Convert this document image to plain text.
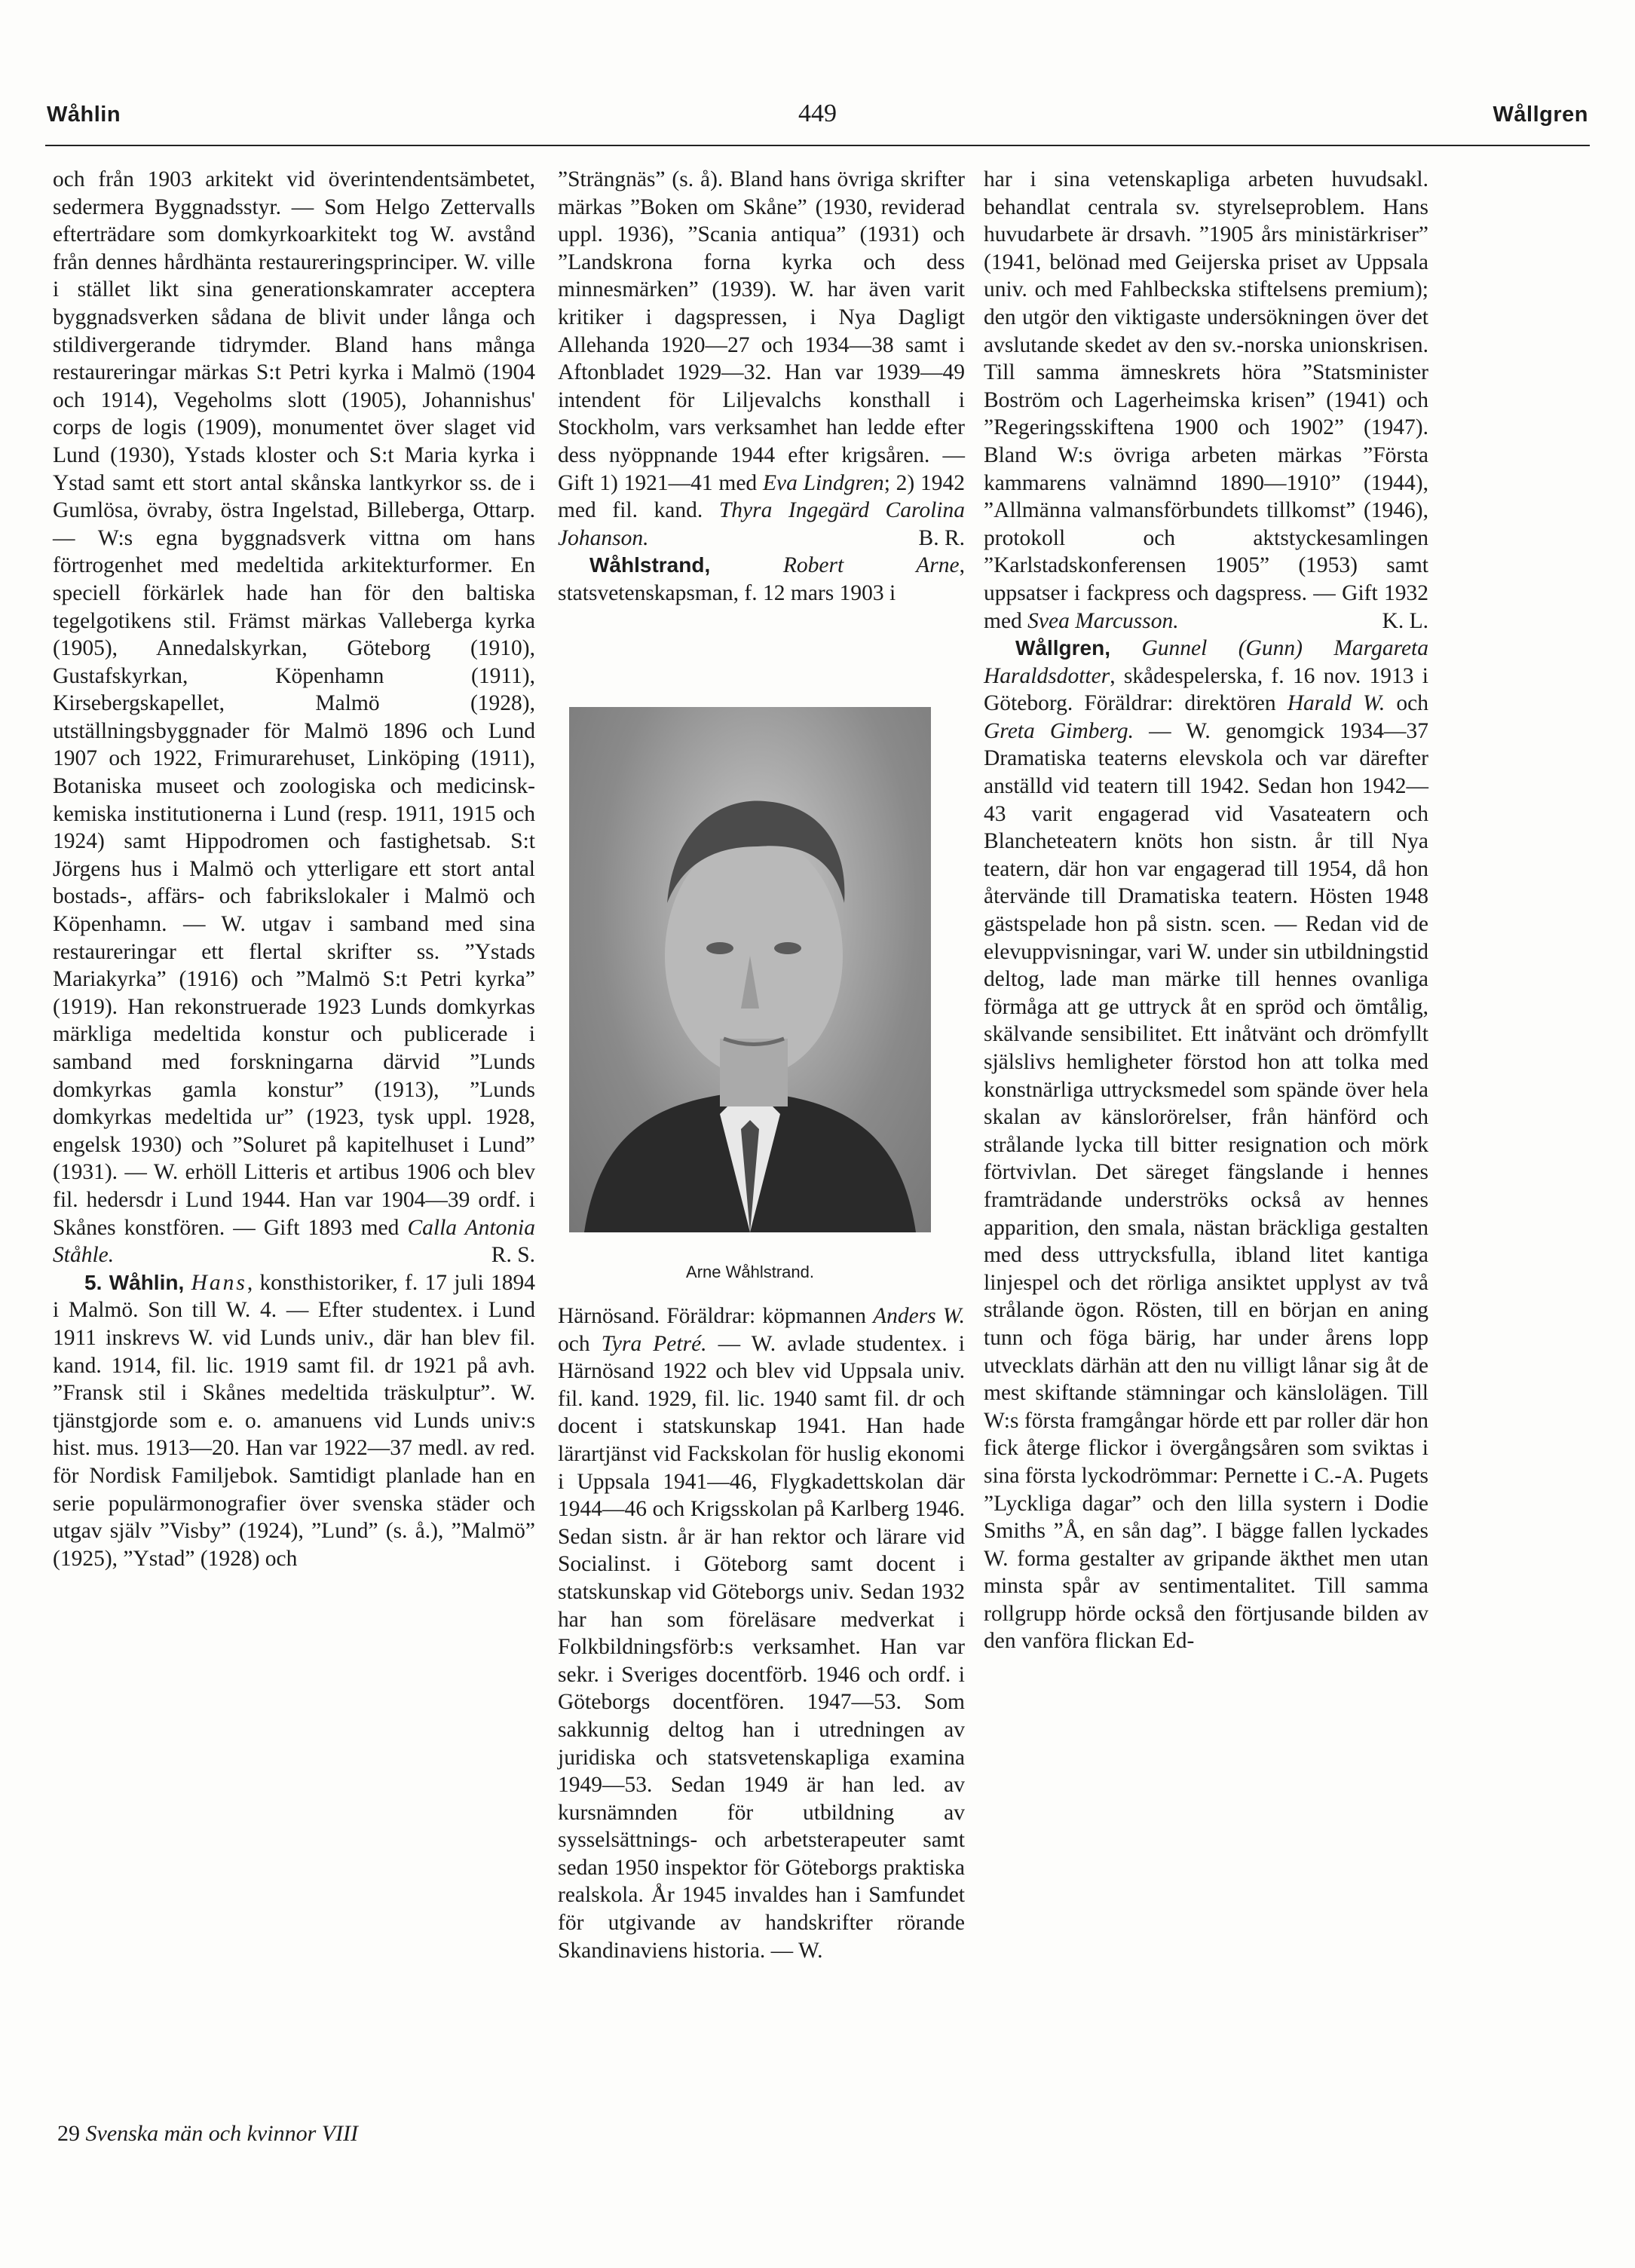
Wåhlin	449	Wållgren

och från 1903 arkitekt vid överintendentsämbetet, sedermera Byggnadsstyr. — Som Helgo Zettervalls efterträdare som domkyrkoarkitekt tog W. avstånd från dennes hårdhänta restaureringsprinciper. W. ville i stället likt sina generationskamrater acceptera byggnadsverken sådana de blivit under långa och stildivergerande tidrymder. Bland hans många restaureringar märkas S:t Petri kyrka i Malmö (1904 och 1914), Vegeholms slott (1905), Johannishus' corps de logis (1909), monumentet över slaget vid Lund (1930), Ystads kloster och S:t Maria kyrka i Ystad samt ett stort antal skånska lantkyrkor ss. de i Gumlösa, övraby, östra Ingelstad, Billeberga, Ottarp. — W:s egna byggnadsverk vittna om hans förtrogenhet med medeltida arkitekturformer. En speciell förkärlek hade han för den baltiska tegelgotikens stil. Främst märkas Valleberga kyrka (1905), Annedalskyrkan, Göteborg (1910), Gustafskyrkan, Köpenhamn (1911), Kirsebergskapellet, Malmö (1928), utställningsbyggnader för Malmö 1896 och Lund 1907 och 1922, Frimurarehuset, Linköping (1911), Botaniska museet och zoologiska och medicinsk-kemiska institutionerna i Lund (resp. 1911, 1915 och 1924) samt Hippodromen och fastighetsab. S:t Jörgens hus i Malmö och ytterligare ett stort antal bostads-, affärs- och fabrikslokaler i Malmö och Köpenhamn. — W. utgav i samband med sina restaureringar ett flertal skrifter ss. ”Ystads Mariakyrka” (1916) och ”Malmö S:t Petri kyrka” (1919). Han rekonstruerade 1923 Lunds domkyrkas märkliga medeltida konstur och publicerade i samband med forskningarna därvid ”Lunds domkyrkas gamla konstur” (1913), ”Lunds domkyrkas medeltida ur” (1923, tysk uppl. 1928, engelsk 1930) och ”Soluret på kapitelhuset i Lund” (1931). — W. erhöll Litteris et artibus 1906 och blev fil. hedersdr i Lund 1944. Han var 1904—39 ordf. i Skånes konstfören. — Gift 1893 med Calla Antonia Ståhle.	R. S.

5. Wåhlin, Hans, konsthistoriker, f. 17 juli 1894 i Malmö. Son till W. 4. — Efter studentex. i Lund 1911 inskrevs W. vid Lunds univ., där han blev fil. kand. 1914, fil. lic. 1919 samt fil. dr 1921 på avh. ”Fransk stil i Skånes medeltida träskulptur”. W. tjänstgjorde som e. o. amanuens vid Lunds univ:s hist. mus. 1913—20. Han var 1922—37 medl. av red. för Nordisk Familjebok. Samtidigt planlade han en serie populärmonografier över svenska städer och utgav själv ”Visby” (1924), ”Lund” (s. å.), ”Malmö” (1925), ”Ystad” (1928) och

”Strängnäs” (s. å). Bland hans övriga skrifter märkas ”Boken om Skåne” (1930, reviderad uppl. 1936), ”Scania antiqua” (1931) och ”Landskrona forna kyrka och dess minnesmärken” (1939). W. har även varit kritiker i dagspressen, i Nya Dagligt Allehanda 1920—27 och 1934—38 samt i Aftonbladet 1929—32. Han var 1939—49 intendent för Liljevalchs konsthall i Stockholm, vars verksamhet han ledde efter dess nyöppnande 1944 efter krigsåren. — Gift 1) 1921—41 med Eva Lindgren; 2) 1942 med fil. kand. Thyra Ingegärd Carolina Johanson.	B. R.

Wåhlstrand,	Robert Arne, statsvetenskapsman, f. 12 mars 1903 i

Arne Wåhlstrand.

Härnösand. Föräldrar: köpmannen Anders W. och Tyra Petré. — W. avlade studentex. i Härnösand 1922 och blev vid Uppsala univ. fil. kand. 1929, fil. lic. 1940 samt fil. dr och docent i statskunskap 1941. Han hade lärartjänst vid Fackskolan för huslig ekonomi i Uppsala 1941—46, Flygkadettskolan där 1944—46 och Krigsskolan på Karlberg 1946. Sedan sistn. år är han rektor och lärare vid Socialinst. i Göteborg samt docent i statskunskap vid Göteborgs univ. Sedan 1932 har han som föreläsare medverkat i Folkbildningsförb:s verksamhet. Han var sekr. i Sveriges docentförb. 1946 och ordf. i Göteborgs docentfören. 1947—53. Som sakkunnig deltog han i utredningen av juridiska och statsvetenskapliga examina 1949—53. Sedan 1949 är han led. av kursnämnden för utbildning av sysselsättnings- och arbetsterapeuter samt sedan 1950 inspektor för Göteborgs praktiska realskola. År 1945 invaldes han i Samfundet för utgivande av handskrifter rörande Skandinaviens historia. — W.

har i sina vetenskapliga arbeten huvudsakl. behandlat centrala sv. styrelseproblem. Hans huvudarbete är drsavh. ”1905 års ministärkriser” (1941, belönad med Geijerska priset av Uppsala univ. och med Fahlbeckska stiftelsens premium); den utgör den viktigaste undersökningen över det avslutande skedet av den sv.-norska unionskrisen. Till samma ämneskrets höra ”Statsminister Boström och Lagerheimska krisen” (1941) och ”Regeringsskiftena 1900 och 1902” (1947). Bland W:s övriga arbeten märkas ”Första kammarens valnämnd 1890—1910” (1944), ”Allmänna valmansförbundets tillkomst” (1946), protokoll och aktstyckesamlingen ”Karlstadskonferensen 1905” (1953) samt uppsatser i fackpress och dagspress. — Gift 1932 med Svea Marcusson.	K. L.

Wållgren, Gunnel (Gunn) Margareta Haraldsdotter, skådespelerska, f. 16 nov. 1913 i Göteborg. Föräldrar: direktören Harald W. och Greta Gimberg. — W. genomgick 1934—37 Dramatiska teaterns elevskola och var därefter anställd vid teatern till 1942. Sedan hon 1942—43 varit engagerad vid Vasateatern och Blancheteatern knöts hon sistn. år till Nya teatern, där hon var engagerad till 1954, då hon återvände till Dramatiska teatern. Hösten 1948 gästspelade hon på sistn. scen. — Redan vid de elevuppvisningar, vari W. under sin utbildningstid deltog, lade man märke till hennes ovanliga förmåga att ge uttryck åt en spröd och ömtålig, skälvande sensibilitet. Ett inåtvänt och drömfyllt själslivs hemligheter förstod hon att tolka med konstnärliga uttrycksmedel som spände över hela skalan av känslorörelser, från hänförd och strålande lycka till bitter resignation och mörk förtvivlan. Det säreget fängslande i hennes framträdande underströks också av hennes apparition, den smala, nästan bräckliga gestalten med dess uttrycksfulla, ibland litet kantiga linjespel och det rörliga ansiktet upplyst av två strålande ögon. Rösten, till en början en aning tunn och föga bärig, har under årens lopp utvecklats därhän att den nu villigt lånar sig åt de mest skiftande stämningar och känslolägen. Till W:s första framgångar hörde ett par roller där hon fick återge flickor i övergångsåren som sviktas i sina första lyckodrömmar: Pernette i C.-A. Pugets ”Lyckliga dagar” och den lilla systern i Dodie Smiths ”Å, en sån dag”. I bägge fallen lyckades W. forma gestalter av gripande äkthet men utan minsta spår av sentimentalitet. Till samma rollgrupp hörde också den förtjusande bilden av den vanföra flickan Ed-

29 Svenska män och kvinnor VIII
